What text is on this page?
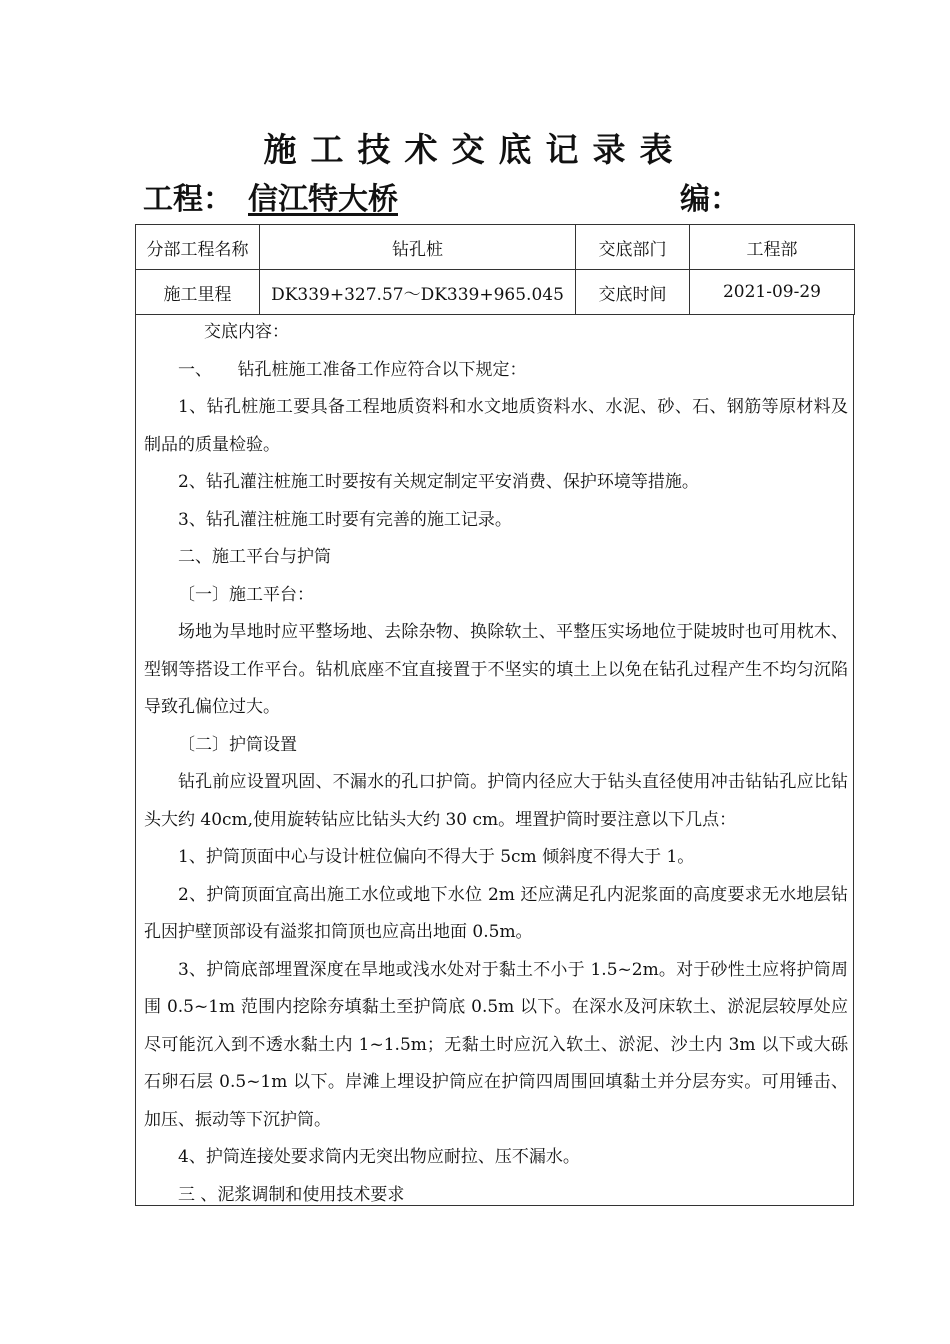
施工技术交底记录表
工程： 信江特大桥	编：
分部工程名称	钻孔桩	交底部门	工程部
施工里程	DK339+327.57～DK339+965.045	交底时间	2021-09-29

交底内容：

一、　　钻孔桩施工准备工作应符合以下规定：

1、钻孔桩施工要具备工程地质资料和水文地质资料水、水泥、砂、石、钢筋等原材料及制品的质量检验。

2、钻孔灌注桩施工时要按有关规定制定平安消费、保护环境等措施。

3、钻孔灌注桩施工时要有完善的施工记录。

二、施工平台与护筒

〔一〕施工平台：

场地为旱地时应平整场地、去除杂物、换除软土、平整压实场地位于陡坡时也可用枕木、型钢等搭设工作平台。钻机底座不宜直接置于不坚实的填土上以免在钻孔过程产生不均匀沉陷导致孔偏位过大。

〔二〕护筒设置

钻孔前应设置巩固、不漏水的孔口护筒。护筒内径应大于钻头直径使用冲击钻钻孔应比钻头大约 40cm,使用旋转钻应比钻头大约 30 cm。埋置护筒时要注意以下几点：

1、护筒顶面中心与设计桩位偏向不得大于 5cm 倾斜度不得大于 1。

2、护筒顶面宜高出施工水位或地下水位 2m 还应满足孔内泥浆面的高度要求无水地层钻孔因护壁顶部设有溢浆扣筒顶也应高出地面 0.5m。

3、护筒底部埋置深度在旱地或浅水处对于黏土不小于 1.5~2m。对于砂性土应将护筒周围 0.5~1m 范围内挖除夯填黏土至护筒底 0.5m 以下。在深水及河床软土、淤泥层较厚处应尽可能沉入到不透水黏土内 1~1.5m；无黏土时应沉入软土、淤泥、沙土内 3m 以下或大砾石卵石层 0.5~1m 以下。岸滩上埋设护筒应在护筒四周围回填黏土并分层夯实。可用锤击、加压、振动等下沉护筒。

4、护筒连接处要求筒内无突出物应耐拉、压不漏水。

三 、泥浆调制和使用技术要求
